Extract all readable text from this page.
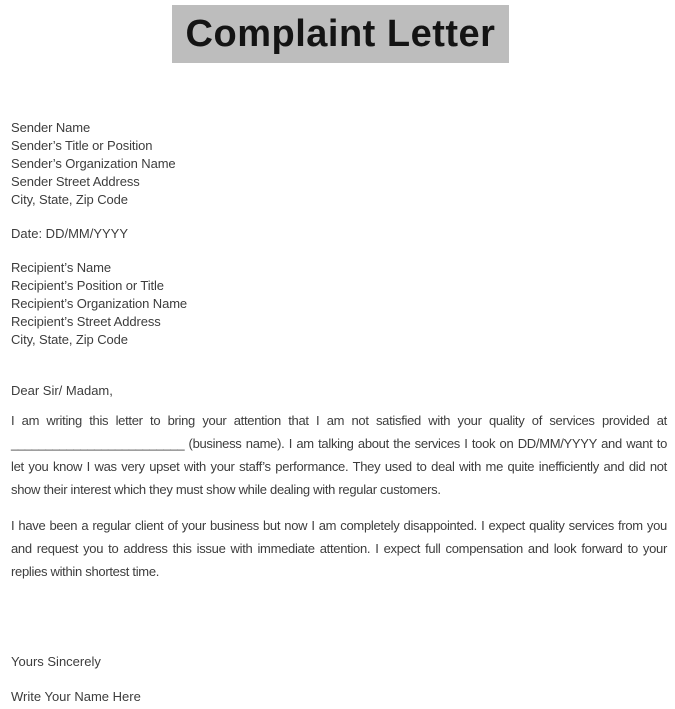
Complaint Letter
Sender Name
Sender’s Title or Position
Sender’s Organization Name
Sender Street Address
City, State, Zip Code
Date: DD/MM/YYYY
Recipient’s Name
Recipient’s Position or Title
Recipient’s Organization Name
Recipient’s Street Address
City, State, Zip Code
Dear Sir/ Madam,

I am writing this letter to bring your attention that I am not satisfied with your quality of services provided at _________________________ (business name). I am talking about the services I took on DD/MM/YYYY and want to let you know I was very upset with your staff’s performance. They used to deal with me quite inefficiently and did not show their interest which they must show while dealing with regular customers.

I have been a regular client of your business but now I am completely disappointed. I expect quality services from you and request you to address this issue with immediate attention. I expect full compensation and look forward to your replies within shortest time.

Yours Sincerely
Write Your Name Here
